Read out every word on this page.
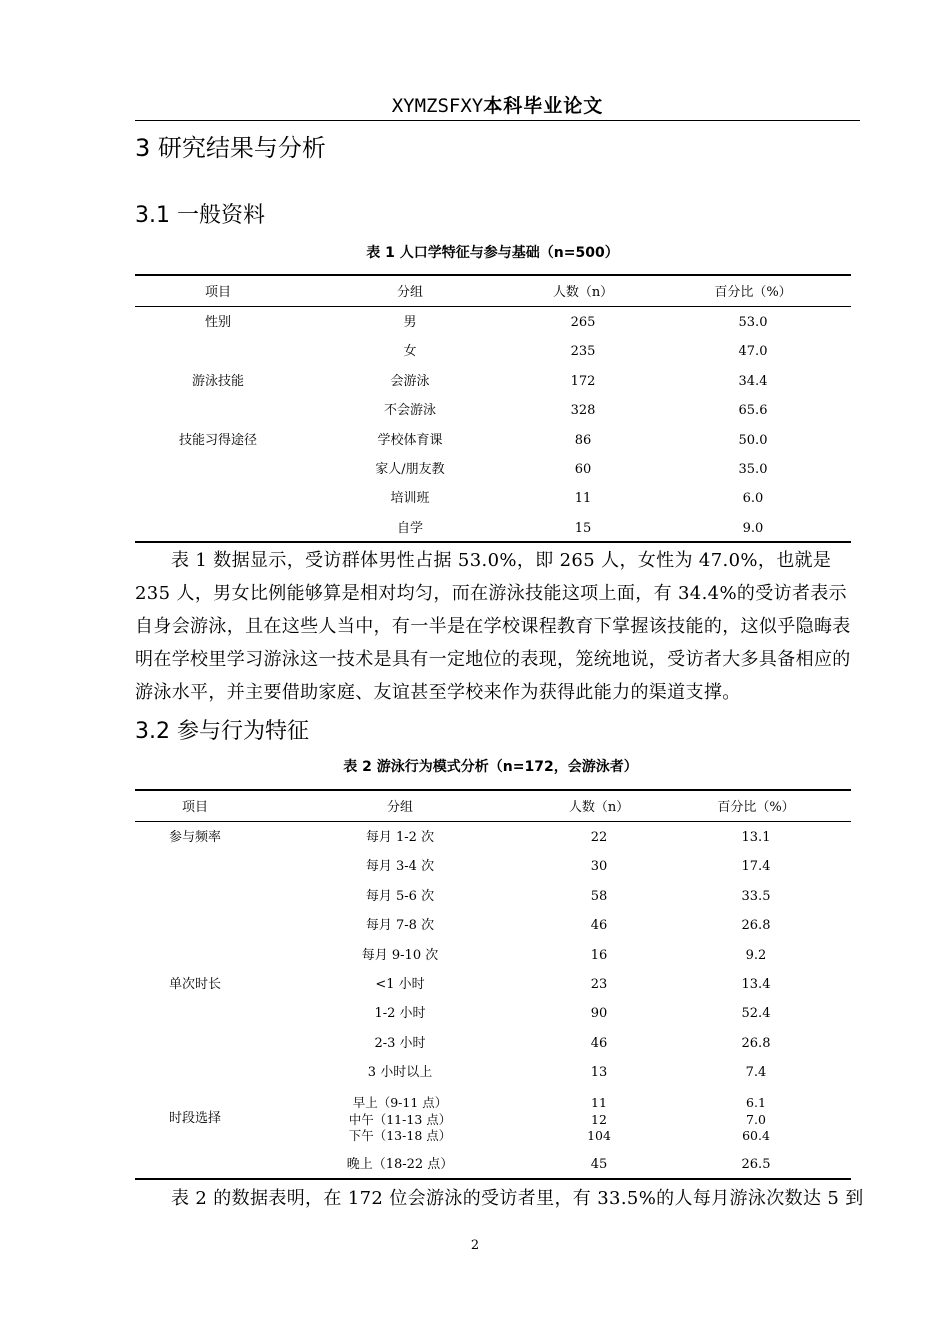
XYMZSFXY本科毕业论文
3 研究结果与分析
3.1 一般资料
表 1 人口学特征与参与基础（n=500）
项目	分组	人数（n）	百分比（%）
性别	男	265	53.0
女	235	47.0
游泳技能	会游泳	172	34.4
不会游泳	328	65.6
技能习得途径	学校体育课	86	50.0
家人/朋友教	60	35.0
培训班	11	6.0
自学	15	9.0
表 1 数据显示，受访群体男性占据 53.0%，即 265 人，女性为 47.0%，也就是 235 人，男女比例能够算是相对均匀，而在游泳技能这项上面，有 34.4%的受访者表示自身会游泳，且在这些人当中，有一半是在学校课程教育下掌握该技能的，这似乎隐晦表明在学校里学习游泳这一技术是具有一定地位的表现，笼统地说，受访者大多具备相应的游泳水平，并主要借助家庭、友谊甚至学校来作为获得此能力的渠道支撑。
3.2 参与行为特征
表 2 游泳行为模式分析（n=172，会游泳者）
项目	分组	人数（n）	百分比（%）
参与频率	每月 1-2 次	22	13.1
每月 3-4 次	30	17.4
每月 5-6 次	58	33.5
每月 7-8 次	46	26.8
每月 9-10 次	16	9.2
单次时长	<1 小时	23	13.4
1-2 小时	90	52.4
2-3 小时	46	26.8
3 小时以上	13	7.4
时段选择
早上（9-11 点）	11	6.1
中午（11-13 点）	12	7.0
下午（13-18 点）	104	60.4
晚上（18-22 点）	45	26.5
表 2 的数据表明，在 172 位会游泳的受访者里，有 33.5%的人每月游泳次数达 5 到
2
